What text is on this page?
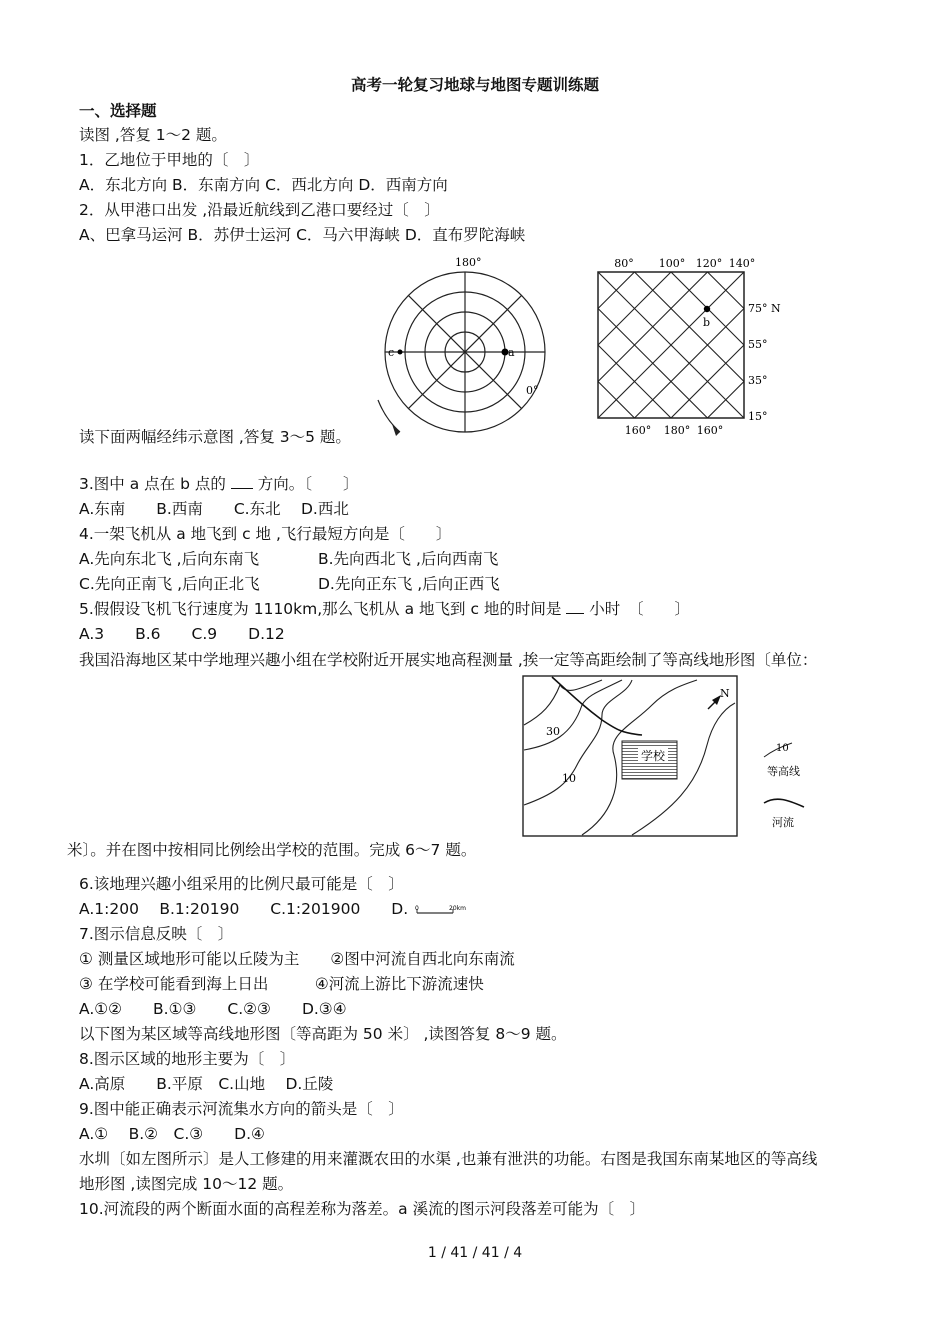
高考一轮复习地球与地图专题训练题
一、选择题
读图 ,答复 1～2 题。
1．乙地位于甲地的〔　〕
A．东北方向 B．东南方向 C．西北方向 D．西南方向
2．从甲港口出发 ,沿最近航线到乙港口要经过〔　〕
A、巴拿马运河 B．苏伊士运河 C．马六甲海峡 D．直布罗陀海峡
180°
0°
a
c
b
80° 100° 120° 140°
160° 180° 160°
75° N
55°
35°
15°
读下面两幅经纬示意图 ,答复 3～5 题。
3.图中 a 点在 b 点的 方向。〔　　〕
A.东南　　B.西南　　C.东北　 D.西北
4.一架飞机从 a 地飞到 c 地 ,飞行最短方向是〔　　〕
A.先向东北飞 ,后向东南飞	B.先向西北飞 ,后向西南飞
C.先向正南飞 ,后向正北飞	D.先向正东飞 ,后向正西飞
5.假假设飞机飞行速度为 1110km,那么飞机从 a 地飞到 c 地的时间是 小时　〔　　〕
A.3　　B.6　　C.9　　D.12
我国沿海地区某中学地理兴趣小组在学校附近开展实地高程测量 ,挨一定等高距绘制了等高线地形图〔单位：
学校
30
10
N
10
等高线
河流
米〕。并在图中按相同比例绘出学校的范围。完成 6～7 题。
6.该地理兴趣小组采用的比例尺最可能是〔　〕
A.1:200　 B.1:20190　　C.1:201900　　D. 0	20km
7.图示信息反映〔　〕
① 测量区域地形可能以丘陵为主　　②图中河流自西北向东南流
③ 在学校可能看到海上日出　　　④河流上游比下游流速快
A.①②　　B.①③　　C.②③　　D.③④
以下图为某区域等高线地形图〔等高距为 50 米〕 ,读图答复 8～9 题。
8.图示区域的地形主要为〔　〕
A.高原　　B.平原　C.山地　 D.丘陵
9.图中能正确表示河流集水方向的箭头是〔　〕
A.①　 B.②　C.③　　D.④
水圳〔如左图所示〕是人工修建的用来灌溉农田的水渠 ,也兼有泄洪的功能。右图是我国东南某地区的等高线
地形图 ,读图完成 10～12 题。
10.河流段的两个断面水面的高程差称为落差。a 溪流的图示河段落差可能为〔　〕
1 / 41 / 41 / 4
